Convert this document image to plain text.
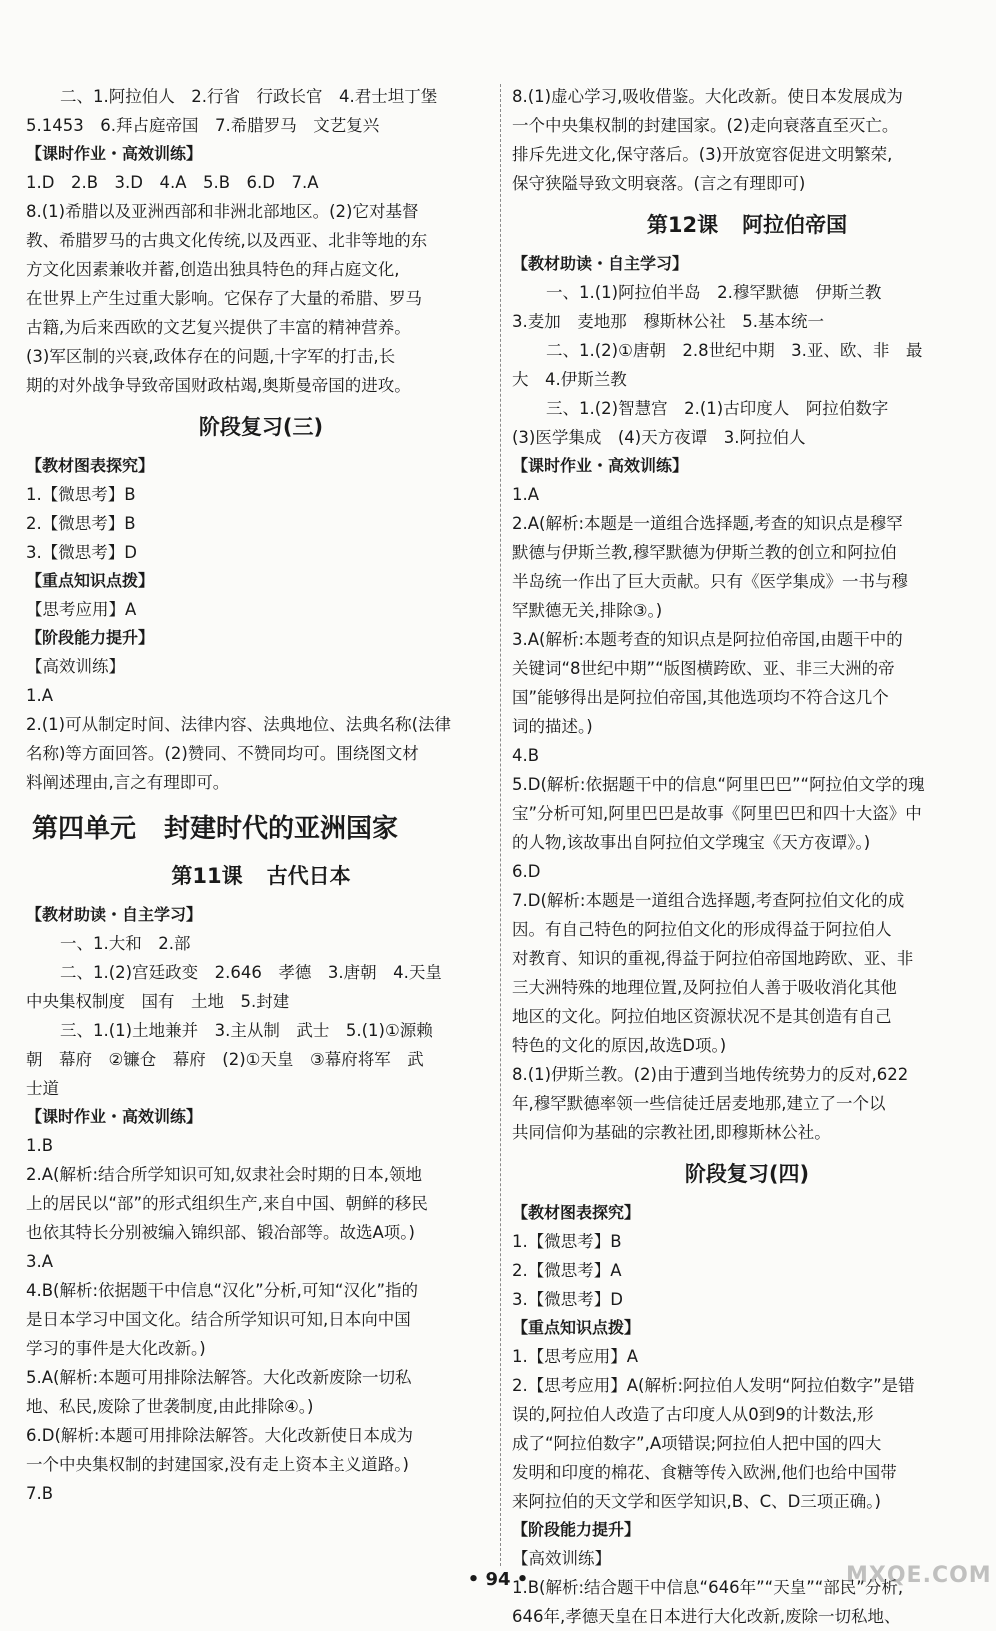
二、1.阿拉伯人　2.行省　行政长官　4.君士坦丁堡
5.1453　6.拜占庭帝国　7.希腊罗马　文艺复兴
【课时作业・高效训练】
1.D　2.B　3.D　4.A　5.B　6.D　7.A
8.(1)希腊以及亚洲西部和非洲北部地区。(2)它对基督
教、希腊罗马的古典文化传统,以及西亚、北非等地的东
方文化因素兼收并蓄,创造出独具特色的拜占庭文化,
在世界上产生过重大影响。它保存了大量的希腊、罗马
古籍,为后来西欧的文艺复兴提供了丰富的精神营养。
(3)军区制的兴衰,政体存在的问题,十字军的打击,长
期的对外战争导致帝国财政枯竭,奥斯曼帝国的进攻。
阶段复习(三)
【教材图表探究】
1.【微思考】B
2.【微思考】B
3.【微思考】D
【重点知识点拨】
【思考应用】A
【阶段能力提升】
【高效训练】
1.A
2.(1)可从制定时间、法律内容、法典地位、法典名称(法律
名称)等方面回答。(2)赞同、不赞同均可。围绕图文材
料阐述理由,言之有理即可。
第四单元 封建时代的亚洲国家
第11课 古代日本
【教材助读・自主学习】
一、1.大和　2.部
二、1.(2)宫廷政变　2.646　孝德　3.唐朝　4.天皇
中央集权制度　国有　土地　5.封建
三、1.(1)土地兼并　3.主从制　武士　5.(1)①源赖
朝　幕府　②镰仓　幕府　(2)①天皇　③幕府将军　武
士道
【课时作业・高效训练】
1.B
2.A(解析:结合所学知识可知,奴隶社会时期的日本,领地
上的居民以“部”的形式组织生产,来自中国、朝鲜的移民
也依其特长分别被编入锦织部、锻冶部等。故选A项。)
3.A
4.B(解析:依据题干中信息“汉化”分析,可知“汉化”指的
是日本学习中国文化。结合所学知识可知,日本向中国
学习的事件是大化改新。)
5.A(解析:本题可用排除法解答。大化改新废除一切私
地、私民,废除了世袭制度,由此排除④。)
6.D(解析:本题可用排除法解答。大化改新使日本成为
一个中央集权制的封建国家,没有走上资本主义道路。)
7.B
8.(1)虚心学习,吸收借鉴。大化改新。使日本发展成为
一个中央集权制的封建国家。(2)走向衰落直至灭亡。
排斥先进文化,保守落后。(3)开放宽容促进文明繁荣,
保守狭隘导致文明衰落。(言之有理即可)
第12课 阿拉伯帝国
【教材助读・自主学习】
一、1.(1)阿拉伯半岛　2.穆罕默德　伊斯兰教
3.麦加　麦地那　穆斯林公社　5.基本统一
二、1.(2)①唐朝　2.8世纪中期　3.亚、欧、非　最
大　4.伊斯兰教
三、1.(2)智慧宫　2.(1)古印度人　阿拉伯数字
(3)医学集成　(4)天方夜谭　3.阿拉伯人
【课时作业・高效训练】
1.A
2.A(解析:本题是一道组合选择题,考查的知识点是穆罕
默德与伊斯兰教,穆罕默德为伊斯兰教的创立和阿拉伯
半岛统一作出了巨大贡献。只有《医学集成》一书与穆
罕默德无关,排除③。)
3.A(解析:本题考查的知识点是阿拉伯帝国,由题干中的
关键词“8世纪中期”“版图横跨欧、亚、非三大洲的帝
国”能够得出是阿拉伯帝国,其他选项均不符合这几个
词的描述。)
4.B
5.D(解析:依据题干中的信息“阿里巴巴”“阿拉伯文学的瑰
宝”分析可知,阿里巴巴是故事《阿里巴巴和四十大盗》中
的人物,该故事出自阿拉伯文学瑰宝《天方夜谭》。)
6.D
7.D(解析:本题是一道组合选择题,考查阿拉伯文化的成
因。有自己特色的阿拉伯文化的形成得益于阿拉伯人
对教育、知识的重视,得益于阿拉伯帝国地跨欧、亚、非
三大洲特殊的地理位置,及阿拉伯人善于吸收消化其他
地区的文化。阿拉伯地区资源状况不是其创造有自己
特色的文化的原因,故选D项。)
8.(1)伊斯兰教。(2)由于遭到当地传统势力的反对,622
年,穆罕默德率领一些信徒迁居麦地那,建立了一个以
共同信仰为基础的宗教社团,即穆斯林公社。
阶段复习(四)
【教材图表探究】
1.【微思考】B
2.【微思考】A
3.【微思考】D
【重点知识点拨】
1.【思考应用】A
2.【思考应用】A(解析:阿拉伯人发明“阿拉伯数字”是错
误的,阿拉伯人改造了古印度人从0到9的计数法,形
成了“阿拉伯数字”,A项错误;阿拉伯人把中国的四大
发明和印度的棉花、食糖等传入欧洲,他们也给中国带
来阿拉伯的天文学和医学知识,B、C、D三项正确。)
【阶段能力提升】
【高效训练】
1.B(解析:结合题干中信息“646年”“天皇”“部民”分析,
646年,孝德天皇在日本进行大化改新,废除一切私地、
• 94 •	MXQE.COM
